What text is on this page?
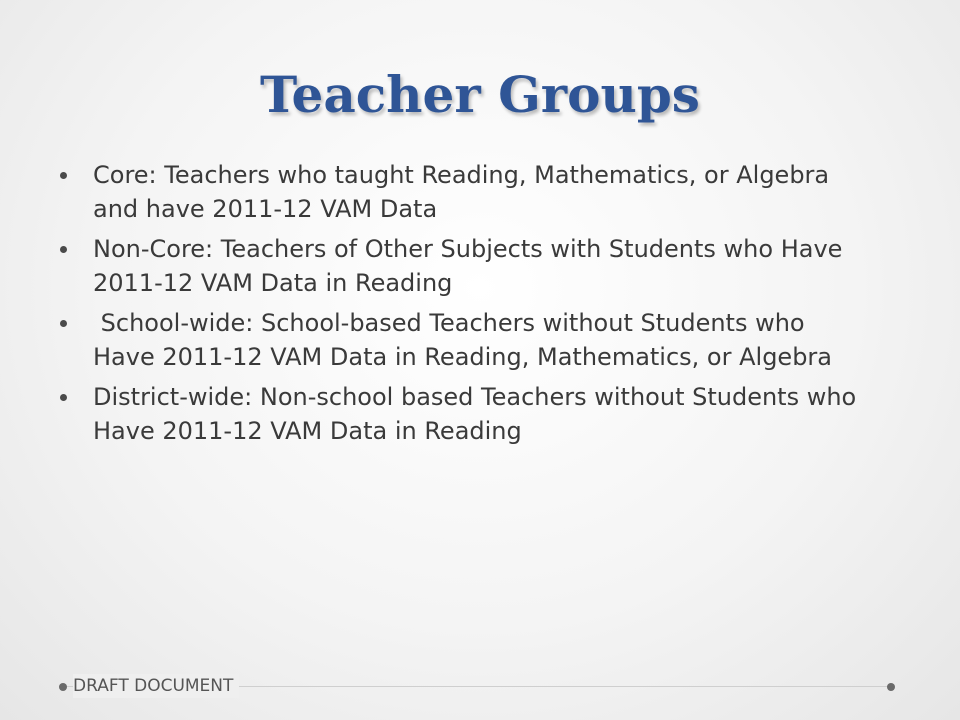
Teacher Groups
Core: Teachers who taught Reading, Mathematics, or Algebra and have 2011-12 VAM Data
Non-Core: Teachers of Other Subjects with Students who Have 2011-12 VAM Data in Reading
School-wide: School-based Teachers without Students who Have 2011-12 VAM Data in Reading, Mathematics, or Algebra
District-wide: Non-school based Teachers without Students who Have 2011-12 VAM Data in Reading
DRAFT DOCUMENT
